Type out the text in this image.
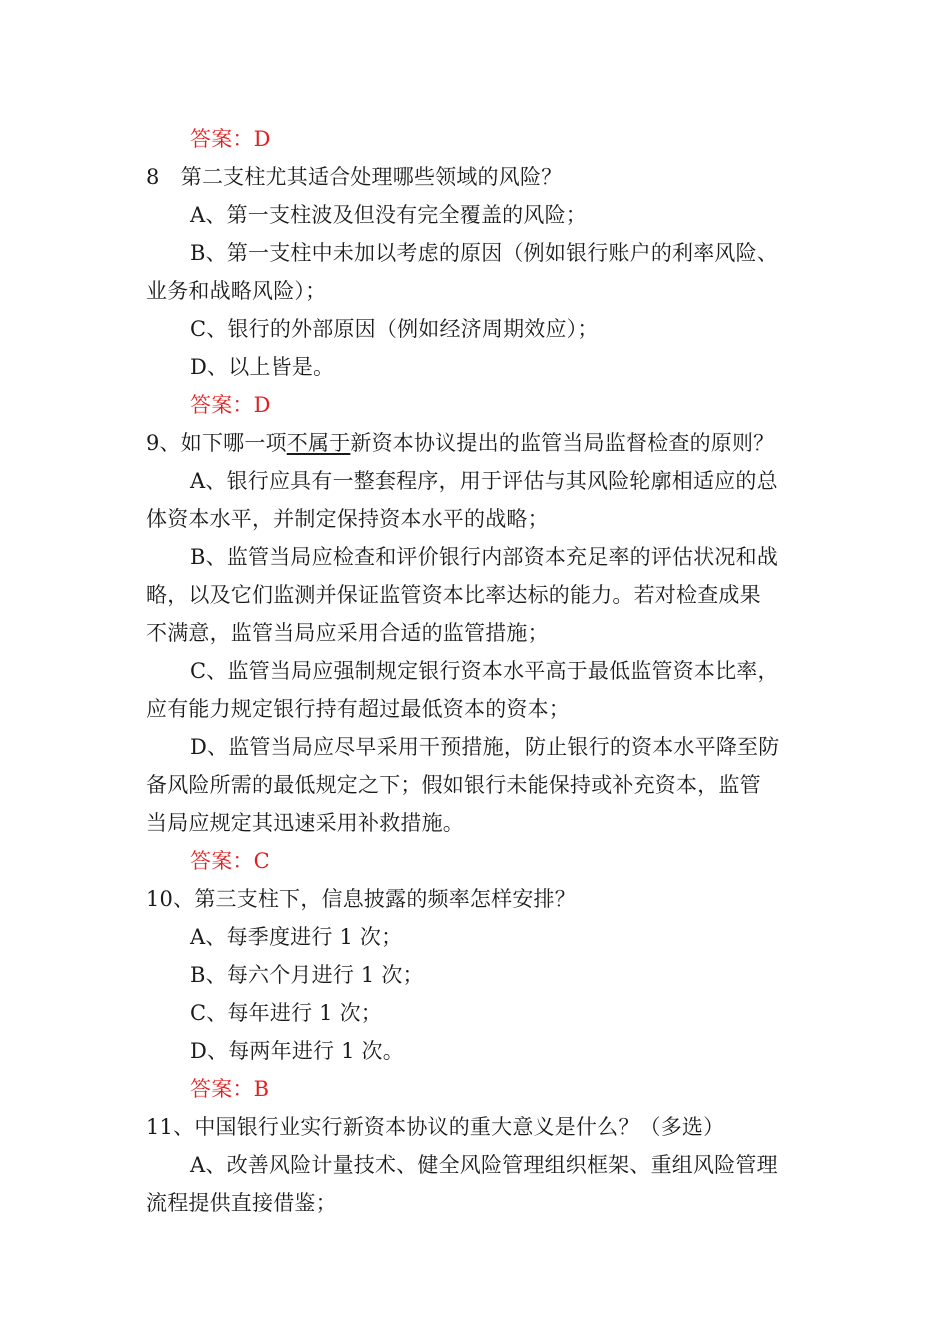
答案：D
8　第二支柱尤其适合处理哪些领域的风险？
A、第一支柱波及但没有完全覆盖的风险；
B、第一支柱中未加以考虑的原因（例如银行账户的利率风险、
业务和战略风险）；
C、银行的外部原因（例如经济周期效应）；
D、以上皆是。
答案：D
9、如下哪一项不属于新资本协议提出的监管当局监督检查的原则？
A、银行应具有一整套程序，用于评估与其风险轮廓相适应的总
体资本水平，并制定保持资本水平的战略；
B、监管当局应检查和评价银行内部资本充足率的评估状况和战
略，以及它们监测并保证监管资本比率达标的能力。若对检查成果
不满意，监管当局应采用合适的监管措施；
C、监管当局应强制规定银行资本水平高于最低监管资本比率，
应有能力规定银行持有超过最低资本的资本；
D、监管当局应尽早采用干预措施，防止银行的资本水平降至防
备风险所需的最低规定之下；假如银行未能保持或补充资本，监管
当局应规定其迅速采用补救措施。
答案：C
10、第三支柱下，信息披露的频率怎样安排？
A、每季度进行 1 次；
B、每六个月进行 1 次；
C、每年进行 1 次；
D、每两年进行 1 次。
答案：B
11、中国银行业实行新资本协议的重大意义是什么？（多选）
A、改善风险计量技术、健全风险管理组织框架、重组风险管理
流程提供直接借鉴；
